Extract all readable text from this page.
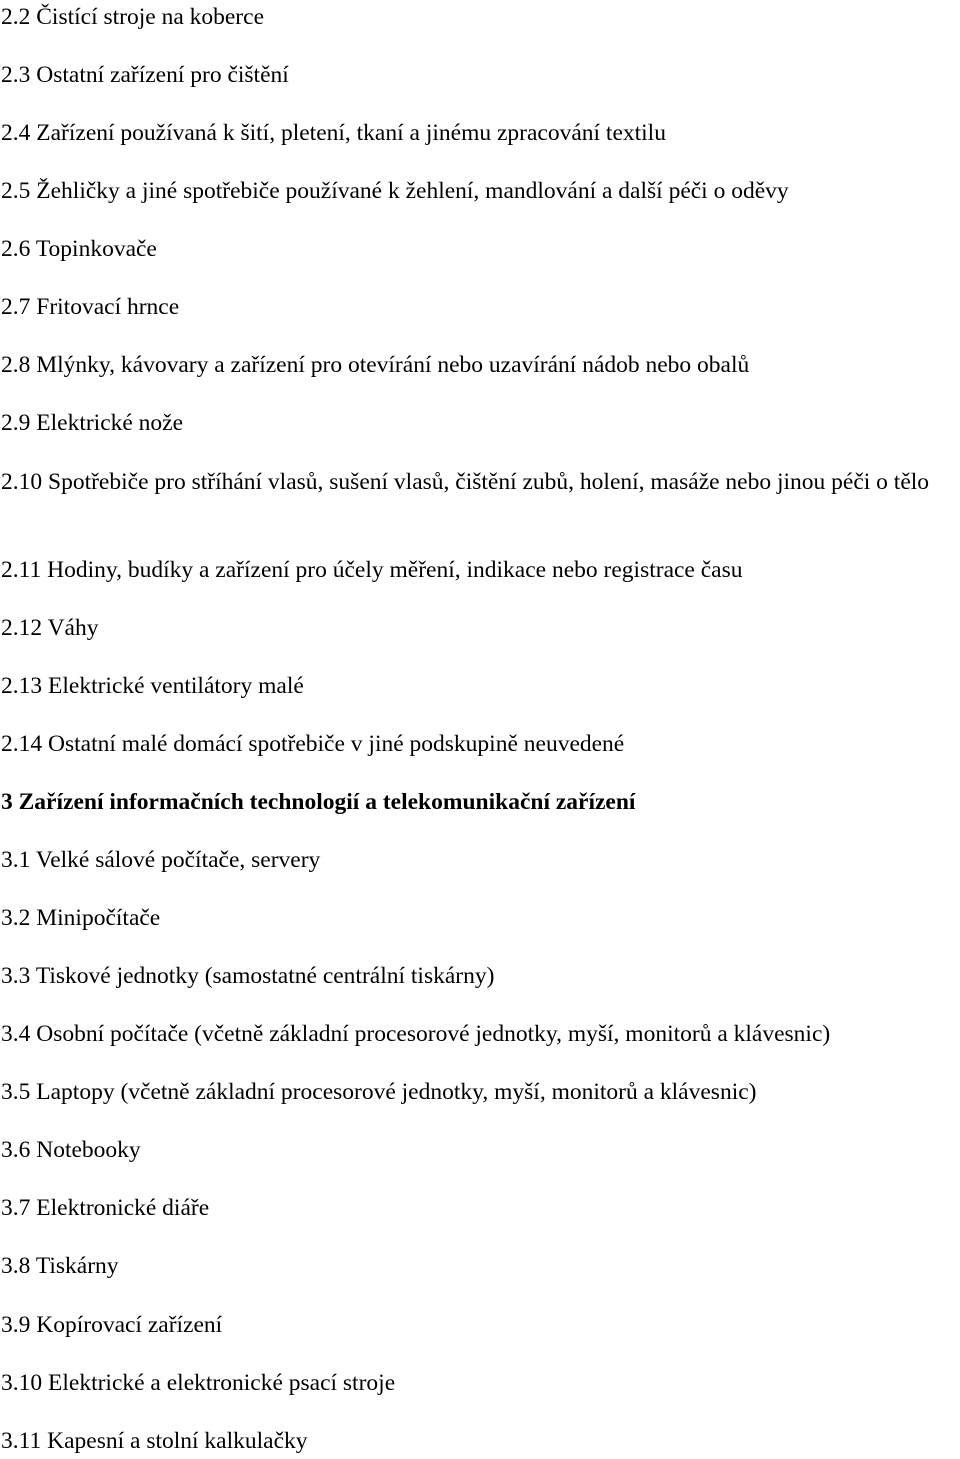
2.2 Čistící stroje na koberce
2.3 Ostatní zařízení pro čištění
2.4 Zařízení používaná k šití, pletení, tkaní a jinému zpracování textilu
2.5 Žehličky a jiné spotřebiče používané k žehlení, mandlování a další péči o oděvy
2.6 Topinkovače
2.7 Fritovací hrnce
2.8 Mlýnky, kávovary a zařízení pro otevírání nebo uzavírání nádob nebo obalů
2.9 Elektrické nože
2.10 Spotřebiče pro stříhání vlasů, sušení vlasů, čištění zubů, holení, masáže nebo jinou péči o tělo
2.11 Hodiny, budíky a zařízení pro účely měření, indikace nebo registrace času
2.12 Váhy
2.13 Elektrické ventilátory malé
2.14 Ostatní malé domácí spotřebiče v jiné podskupině neuvedené
3 Zařízení informačních technologií a telekomunikační zařízení
3.1 Velké sálové počítače, servery
3.2 Minipočítače
3.3 Tiskové jednotky (samostatné centrální tiskárny)
3.4 Osobní počítače (včetně základní procesorové jednotky, myší, monitorů a klávesnic)
3.5 Laptopy (včetně základní procesorové jednotky, myší, monitorů a klávesnic)
3.6 Notebooky
3.7 Elektronické diáře
3.8 Tiskárny
3.9 Kopírovací zařízení
3.10 Elektrické a elektronické psací stroje
3.11 Kapesní a stolní kalkulačky
